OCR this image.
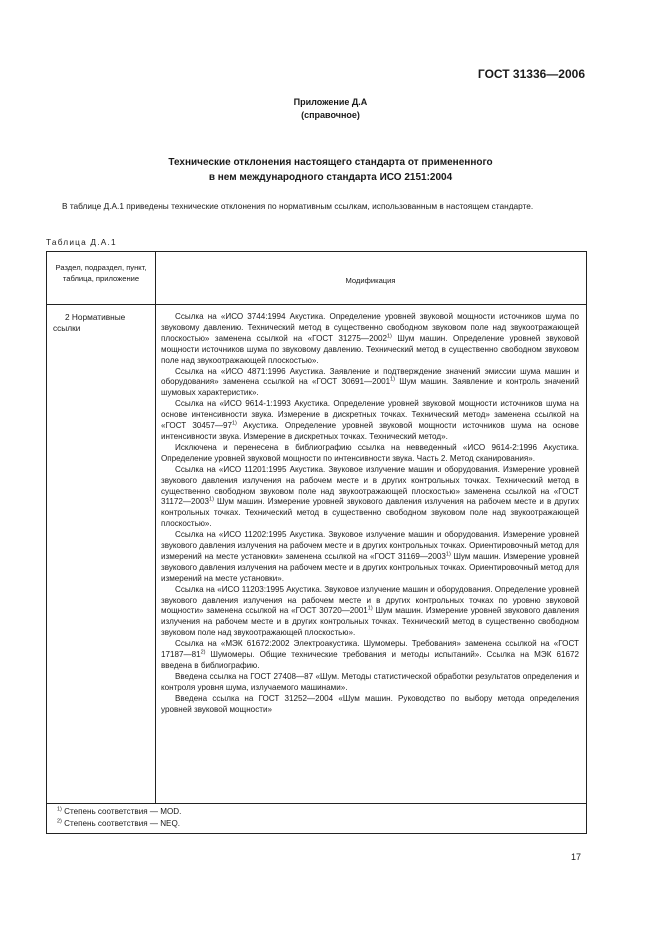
ГОСТ 31336—2006
Приложение Д.А
(справочное)
Технические отклонения настоящего стандарта от примененного
в нем международного стандарта ИСО 2151:2004
В таблице Д.А.1 приведены технические отклонения по нормативным ссылкам, использованным в настоящем стандарте.
Таблица Д.А.1
Раздел, подраздел, пункт, таблица, приложение	Модификация
2 Нормативные ссылки

Ссылка на «ИСО 3744:1994 Акустика. Определение уровней звуковой мощности источников шума по звуковому давлению. Технический метод в существенно свободном звуковом поле над звукоотражающей плоскостью» заменена ссылкой на «ГОСТ 31275—2002$^{1)}$ Шум машин. Определение уровней звуковой мощности источников шума по звуковому давлению. Технический метод в существенно свободном звуковом поле над звукоотражающей плоскостью».

Ссылка на «ИСО 4871:1996 Акустика. Заявление и подтверждение значений эмиссии шума машин и оборудования» заменена ссылкой на «ГОСТ 30691—2001$^{1)}$ Шум машин. Заявление и контроль значений шумовых характеристик».

Ссылка на «ИСО 9614-1:1993 Акустика. Определение уровней звуковой мощности источников шума на основе интенсивности звука. Измерение в дискретных точках. Технический метод» заменена ссылкой на «ГОСТ 30457—97$^{1)}$ Акустика. Определение уровней звуковой мощности источников шума на основе интенсивности звука. Измерение в дискретных точках. Технический метод».

Исключена и перенесена в библиографию ссылка на невведенный «ИСО 9614-2:1996 Акустика. Определение уровней звуковой мощности по интенсивности звука. Часть 2. Метод сканирования».

Ссылка на «ИСО 11201:1995 Акустика. Звуковое излучение машин и оборудования. Измерение уровней звукового давления излучения на рабочем месте и в других контрольных точках. Технический метод в существенно свободном звуковом поле над звукоотражающей плоскостью» заменена ссылкой на «ГОСТ 31172—2003$^{1)}$ Шум машин. Измерение уровней звукового давления излучения на рабочем месте и в других контрольных точках. Технический метод в существенно свободном звуковом поле над звукоотражающей плоскостью».

Ссылка на «ИСО 11202:1995 Акустика. Звуковое излучение машин и оборудования. Измерение уровней звукового давления излучения на рабочем месте и в других контрольных точках. Ориентировочный метод для измерений на месте установки» заменена ссылкой на «ГОСТ 31169—2003$^{1)}$ Шум машин. Измерение уровней звукового давления излучения на рабочем месте и в других контрольных точках. Ориентировочный метод для измерений на месте установки».

Ссылка на «ИСО 11203:1995 Акустика. Звуковое излучение машин и оборудования. Определение уровней звукового давления излучения на рабочем месте и в других контрольных точках по уровню звуковой мощности» заменена ссылкой на «ГОСТ 30720—2001$^{1)}$ Шум машин. Измерение уровней звукового давления излучения на рабочем месте и в других контрольных точках. Технический метод в существенно свободном звуковом поле над звукоотражающей плоскостью».

Ссылка на «МЭК 61672:2002 Электроакустика. Шумомеры. Требования» заменена ссылкой на «ГОСТ 17187—81$^{2)}$ Шумомеры. Общие технические требования и методы испытаний». Ссылка на МЭК 61672 введена в библиографию.

Введена ссылка на ГОСТ 27408—87 «Шум. Методы статистической обработки результатов определения и контроля уровня шума, излучаемого машинами».

Введена ссылка на ГОСТ 31252—2004 «Шум машин. Руководство по выбору метода определения уровней звуковой мощности»

$^{1)}$ Степень соответствия — MOD.
$^{2)}$ Степень соответствия — NEQ.
17
